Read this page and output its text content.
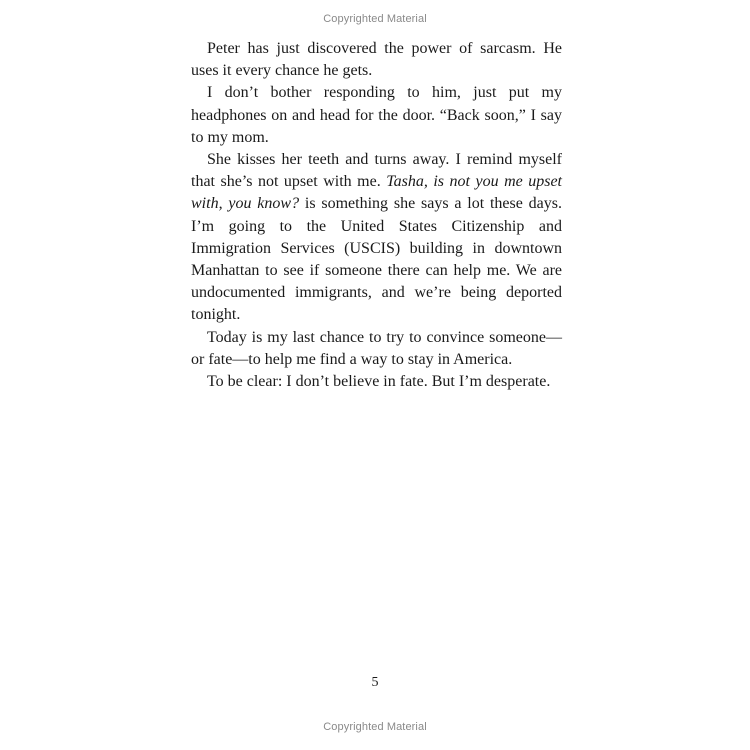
Copyrighted Material

Peter has just discovered the power of sarcasm. He uses it every chance he gets.

I don’t bother responding to him, just put my headphones on and head for the door. “Back soon,” I say to my mom.

She kisses her teeth and turns away. I remind myself that she’s not upset with me. Tasha, is not you me upset with, you know? is something she says a lot these days. I’m going to the United States Citizenship and Immigration Services (USCIS) building in downtown Manhattan to see if someone there can help me. We are undocumented immigrants, and we’re being deported tonight.

Today is my last chance to try to convince someone—or fate—to help me find a way to stay in America.

To be clear: I don’t believe in fate. But I’m desperate.

5
Copyrighted Material
